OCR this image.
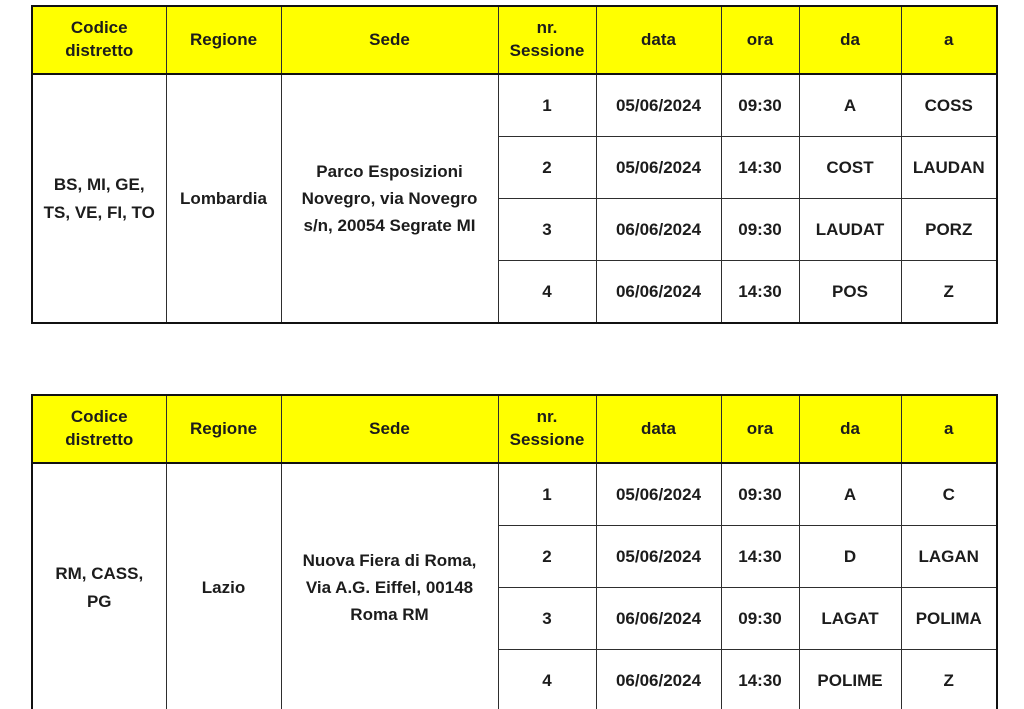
Codice distretto	Regione	Sede	nr. Sessione	data	ora	da	a
BS, MI, GE, TS, VE, FI, TO	Lombardia	Parco Esposizioni Novegro, via Novegro s/n, 20054 Segrate MI	1	05/06/2024	09:30	A	COSS
			2	05/06/2024	14:30	COST	LAUDAN
			3	06/06/2024	09:30	LAUDAT	PORZ
			4	06/06/2024	14:30	POS	Z
Codice distretto	Regione	Sede	nr. Sessione	data	ora	da	a
RM, CASS, PG	Lazio	Nuova Fiera di Roma, Via A.G. Eiffel, 00148 Roma RM	1	05/06/2024	09:30	A	C
			2	05/06/2024	14:30	D	LAGAN
			3	06/06/2024	09:30	LAGAT	POLIMA
			4	06/06/2024	14:30	POLIME	Z
